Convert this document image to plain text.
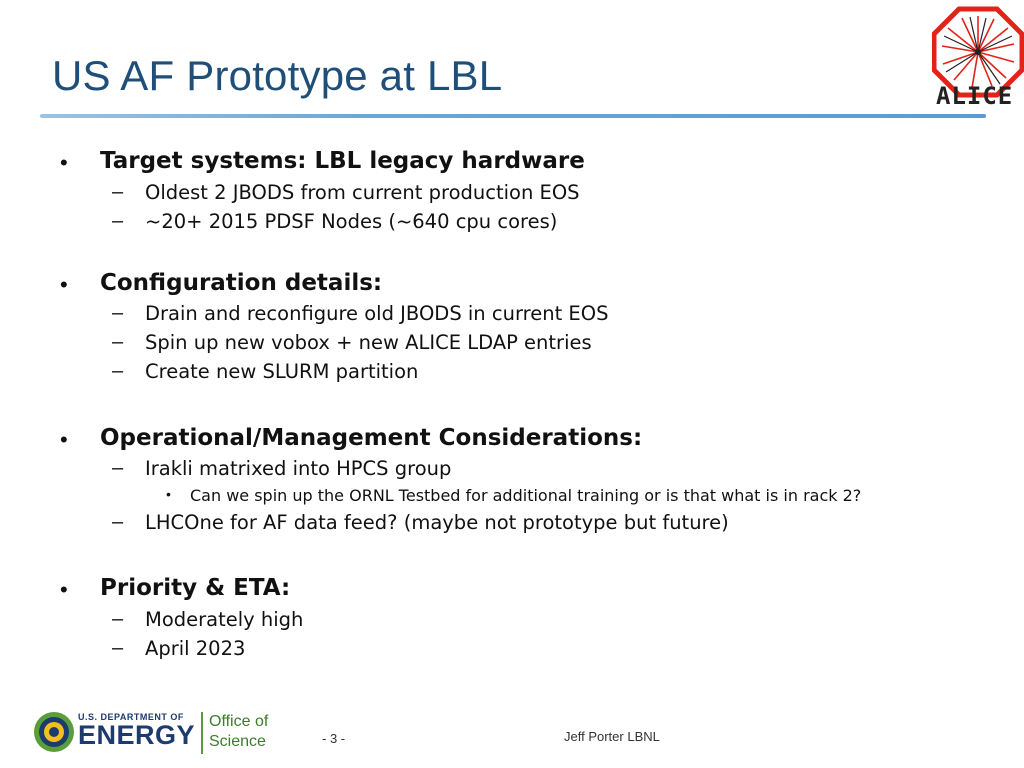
US AF Prototype at LBL	ALICE
• Target systems: LBL legacy hardware
– Oldest 2 JBODS from current production EOS
– ~20+ 2015 PDSF Nodes (~640 cpu cores)
• Configuration details:
– Drain and reconfigure old JBODS in current EOS
– Spin up new vobox + new ALICE LDAP entries
– Create new SLURM partition
• Operational/Management Considerations:
– Irakli matrixed into HPCS group
• Can we spin up the ORNL Testbed for additional training or is that what is in rack 2?
– LHCOne for AF data feed? (maybe not prototype but future)
• Priority & ETA:
– Moderately high
– April 2023
U.S. DEPARTMENT OF
ENERGY Office of
Science	- 3 -	Jeff Porter LBNL
